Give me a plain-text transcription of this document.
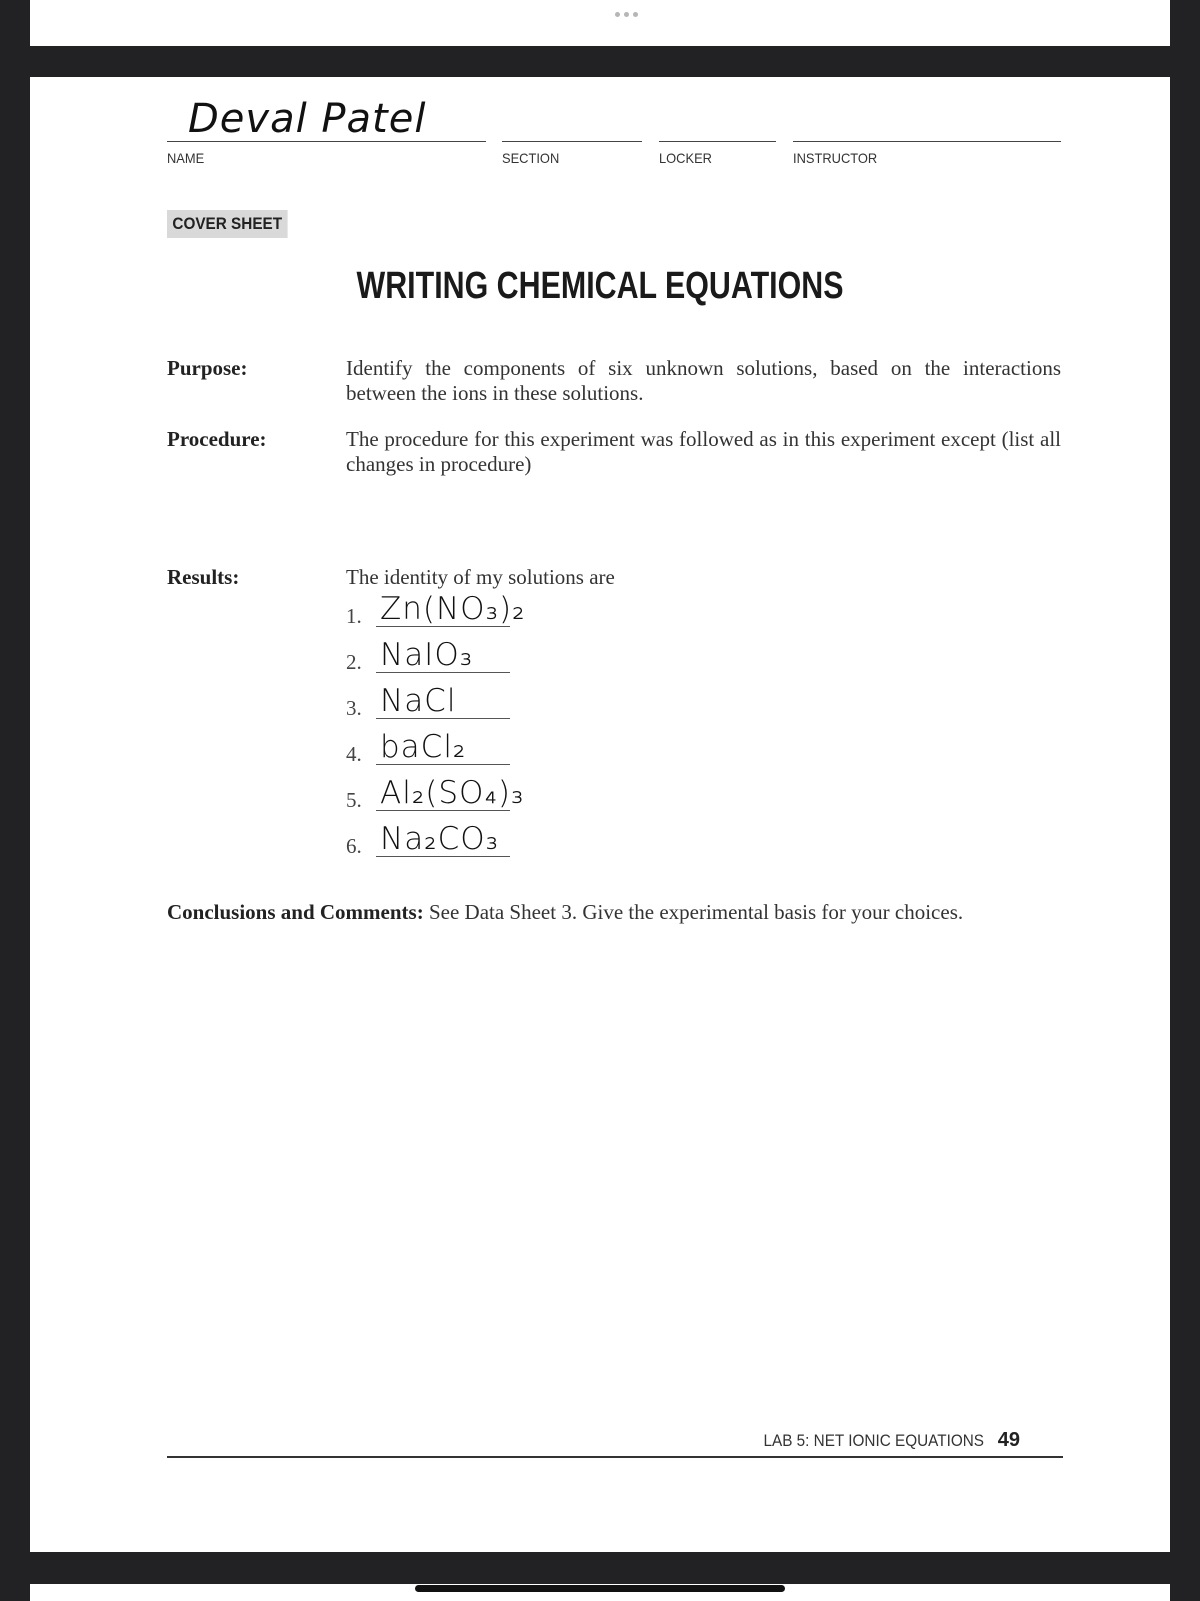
Deval Patel
NAME	SECTION	LOCKER	INSTRUCTOR
COVER SHEET
WRITING CHEMICAL EQUATIONS
Purpose:	Identify the components of six unknown solutions, based on the interactions between the ions in these solutions.
Procedure:	The procedure for this experiment was followed as in this experiment except (list all changes in procedure)
Results:	The identity of my solutions are
1. Zn(NO₃)₂
2. NaIO₃
3. NaCl
4. baCl₂
5. Al₂(SO₄)₃
6. Na₂CO₃
Conclusions and Comments: See Data Sheet 3. Give the experimental basis for your choices.
LAB 5: NET IONIC EQUATIONS 49
